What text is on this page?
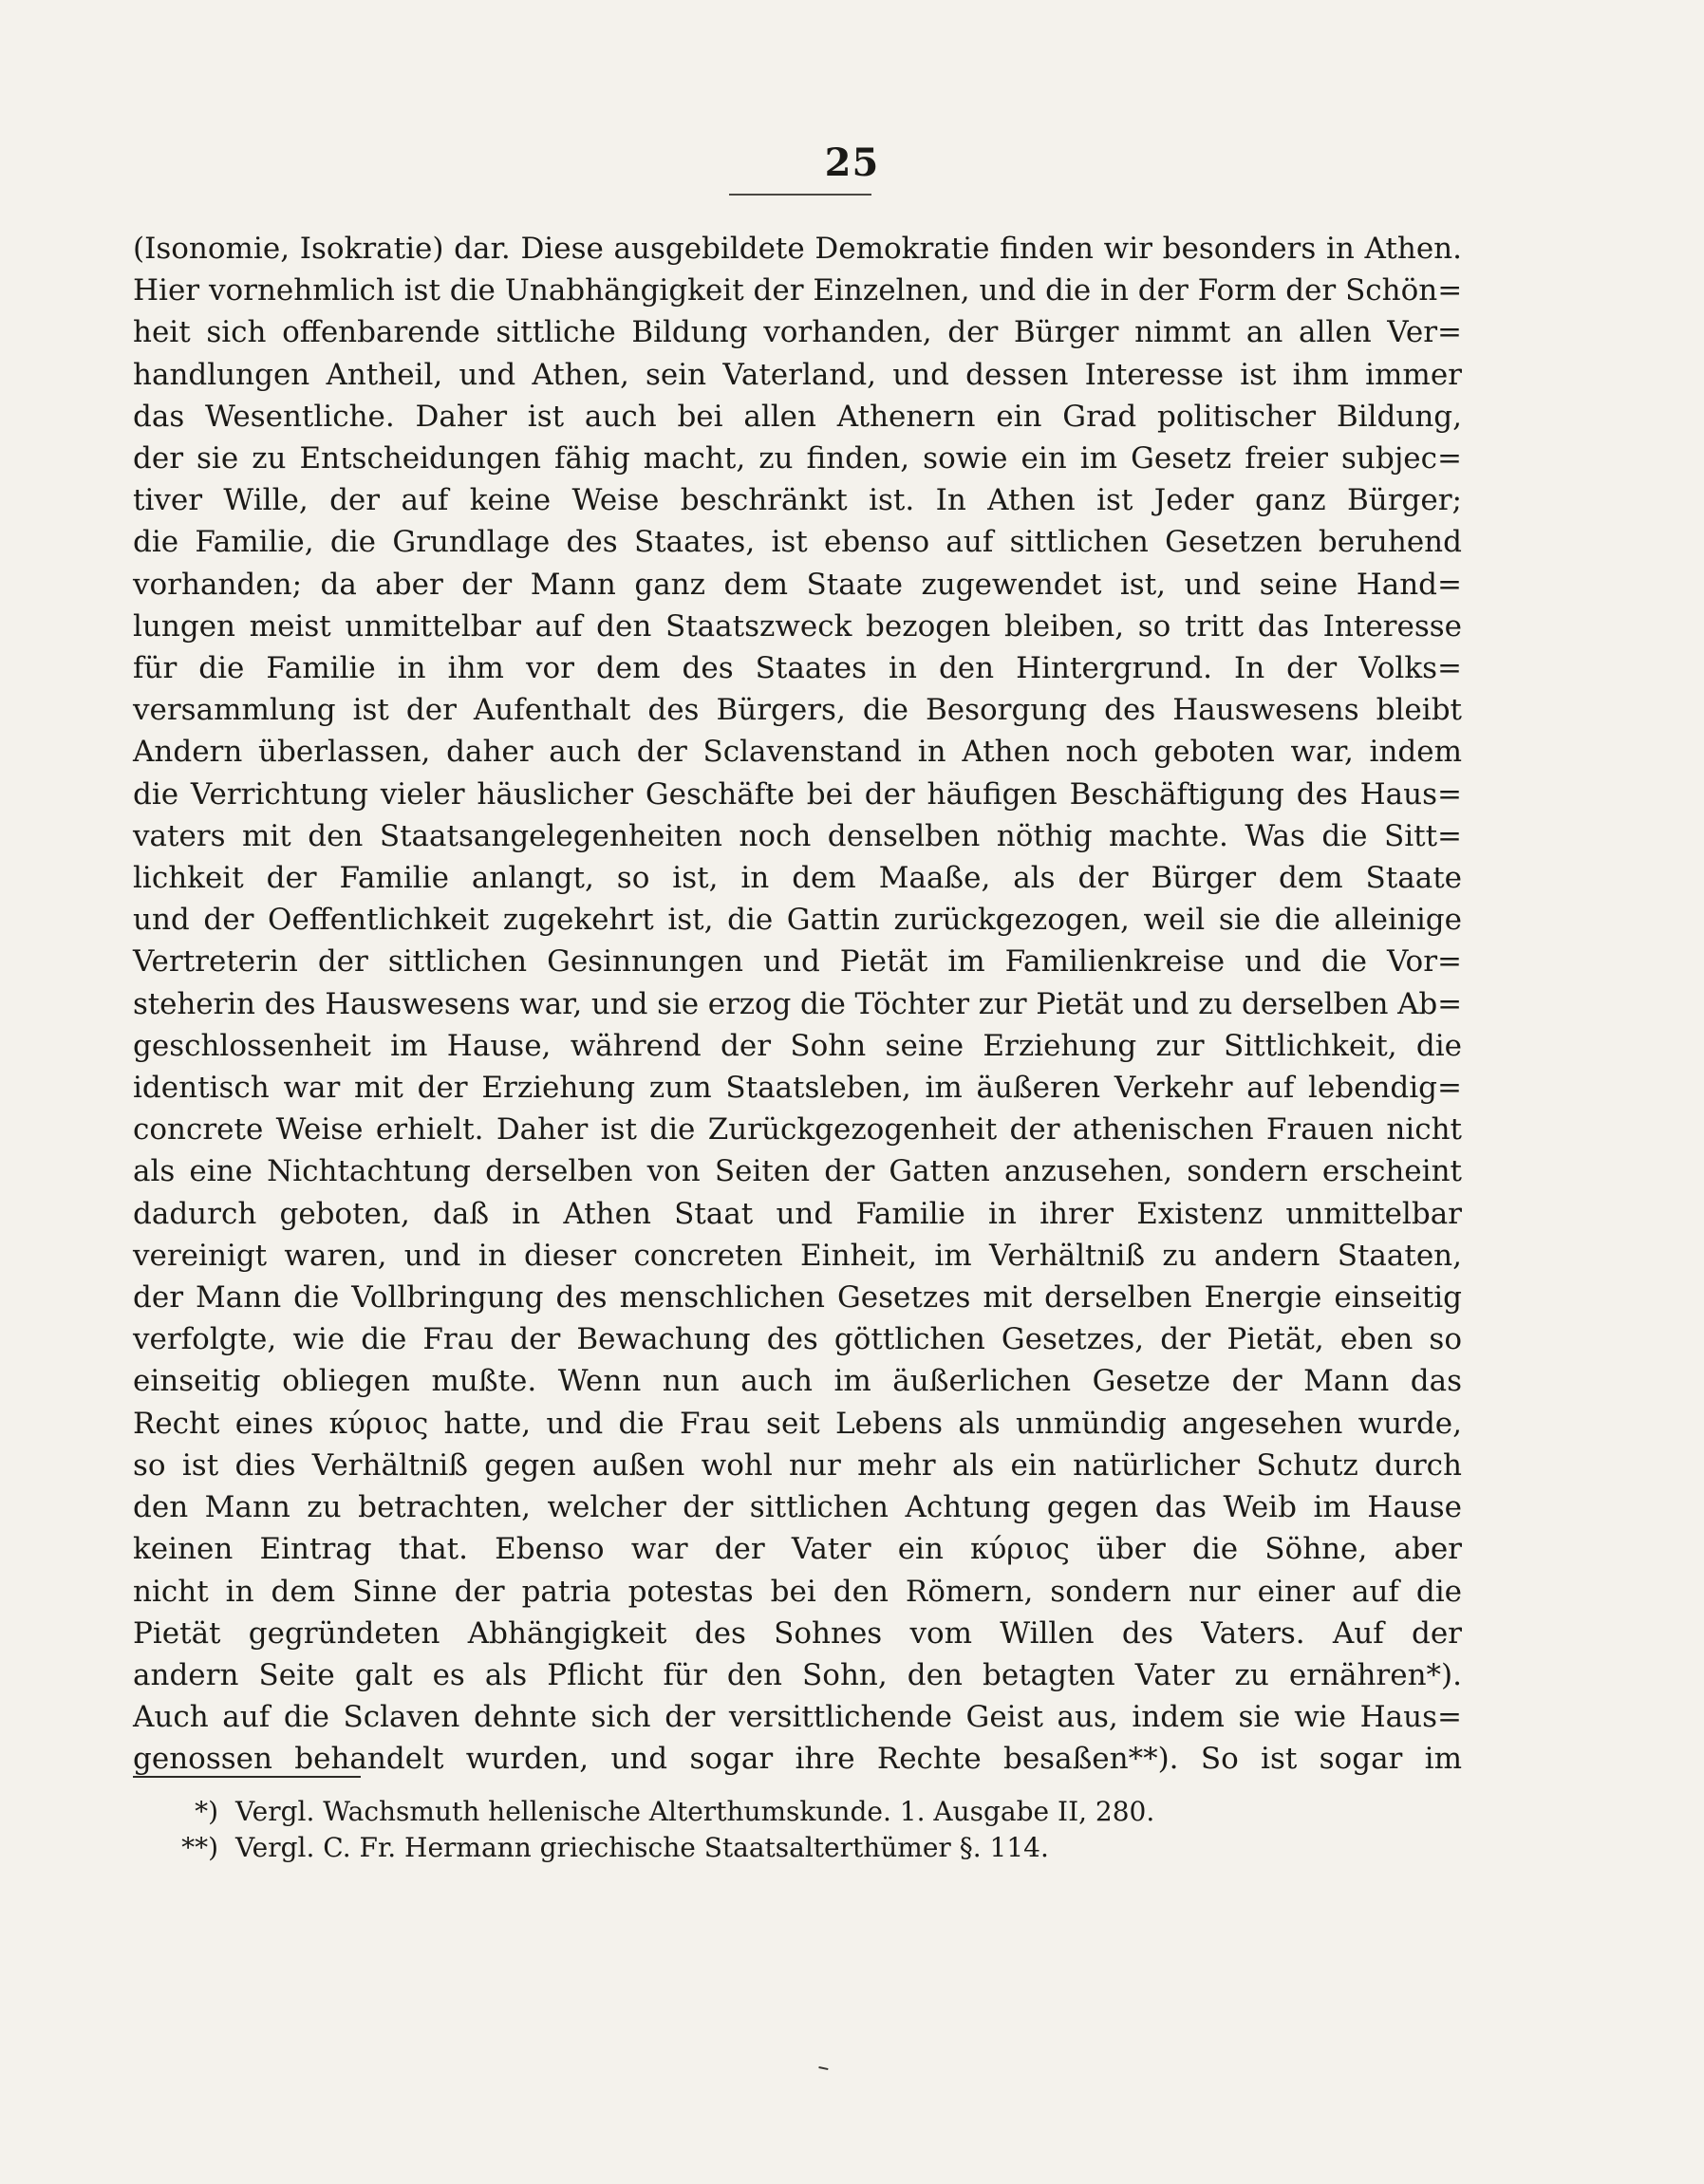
25
(Isonomie, Isokratie) dar. Diese ausgebildete Demokratie finden wir besonders in Athen.
Hier vornehmlich ist die Unabhängigkeit der Einzelnen, und die in der Form der Schön=
heit sich offenbarende sittliche Bildung vorhanden, der Bürger nimmt an allen Ver=
handlungen Antheil, und Athen, sein Vaterland, und dessen Interesse ist ihm immer
das Wesentliche. Daher ist auch bei allen Athenern ein Grad politischer Bildung,
der sie zu Entscheidungen fähig macht, zu finden, sowie ein im Gesetz freier subjec=
tiver Wille, der auf keine Weise beschränkt ist. In Athen ist Jeder ganz Bürger;
die Familie, die Grundlage des Staates, ist ebenso auf sittlichen Gesetzen beruhend
vorhanden; da aber der Mann ganz dem Staate zugewendet ist, und seine Hand=
lungen meist unmittelbar auf den Staatszweck bezogen bleiben, so tritt das Interesse
für die Familie in ihm vor dem des Staates in den Hintergrund. In der Volks=
versammlung ist der Aufenthalt des Bürgers, die Besorgung des Hauswesens bleibt
Andern überlassen, daher auch der Sclavenstand in Athen noch geboten war, indem
die Verrichtung vieler häuslicher Geschäfte bei der häufigen Beschäftigung des Haus=
vaters mit den Staatsangelegenheiten noch denselben nöthig machte. Was die Sitt=
lichkeit der Familie anlangt, so ist, in dem Maaße, als der Bürger dem Staate
und der Oeffentlichkeit zugekehrt ist, die Gattin zurückgezogen, weil sie die alleinige
Vertreterin der sittlichen Gesinnungen und Pietät im Familienkreise und die Vor=
steherin des Hauswesens war, und sie erzog die Töchter zur Pietät und zu derselben Ab=
geschlossenheit im Hause, während der Sohn seine Erziehung zur Sittlichkeit, die
identisch war mit der Erziehung zum Staatsleben, im äußeren Verkehr auf lebendig=
concrete Weise erhielt. Daher ist die Zurückgezogenheit der athenischen Frauen nicht
als eine Nichtachtung derselben von Seiten der Gatten anzusehen, sondern erscheint
dadurch geboten, daß in Athen Staat und Familie in ihrer Existenz unmittelbar
vereinigt waren, und in dieser concreten Einheit, im Verhältniß zu andern Staaten,
der Mann die Vollbringung des menschlichen Gesetzes mit derselben Energie einseitig
verfolgte, wie die Frau der Bewachung des göttlichen Gesetzes, der Pietät, eben so
einseitig obliegen mußte. Wenn nun auch im äußerlichen Gesetze der Mann das
Recht eines κύριος hatte, und die Frau seit Lebens als unmündig angesehen wurde,
so ist dies Verhältniß gegen außen wohl nur mehr als ein natürlicher Schutz durch
den Mann zu betrachten, welcher der sittlichen Achtung gegen das Weib im Hause
keinen Eintrag that. Ebenso war der Vater ein κύριος über die Söhne, aber
nicht in dem Sinne der patria potestas bei den Römern, sondern nur einer auf die
Pietät gegründeten Abhängigkeit des Sohnes vom Willen des Vaters. Auf der
andern Seite galt es als Pflicht für den Sohn, den betagten Vater zu ernähren*).
Auch auf die Sclaven dehnte sich der versittlichende Geist aus, indem sie wie Haus=
genossen behandelt wurden, und sogar ihre Rechte besaßen**). So ist sogar im
*) Vergl. Wachsmuth hellenische Alterthumskunde. 1. Ausgabe II, 280.
**) Vergl. C. Fr. Hermann griechische Staatsalterthümer §. 114.
